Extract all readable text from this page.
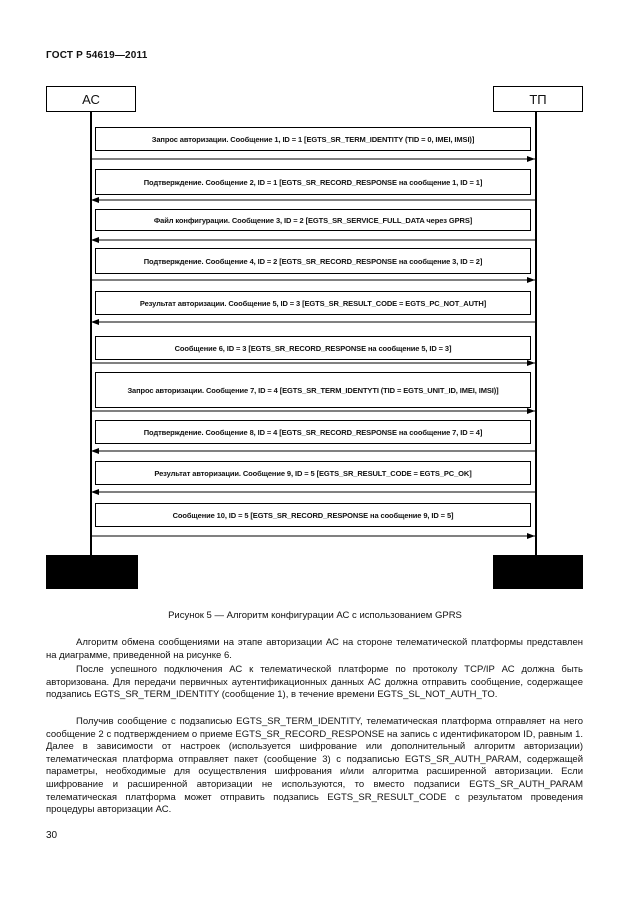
ГОСТ Р 54619—2011
АС	ТП
Запрос авторизации. Сообщение 1, ID = 1 [EGTS_SR_TERM_IDENTITY (TID = 0, IMEI, IMSI)]
Подтверждение. Сообщение 2, ID = 1 [EGTS_SR_RECORD_RESPONSE на сообщение 1, ID = 1]
Файл конфигурации. Сообщение 3, ID = 2 [EGTS_SR_SERVICE_FULL_DATA через GPRS]
Подтверждение. Сообщение 4, ID = 2 [EGTS_SR_RECORD_RESPONSE на сообщение 3, ID = 2]
Результат авторизации. Сообщение 5, ID = 3 [EGTS_SR_RESULT_CODE = EGTS_PC_NOT_AUTH]
Сообщение 6, ID = 3 [EGTS_SR_RECORD_RESPONSE на сообщение 5, ID = 3]
Запрос авторизации. Сообщение 7, ID = 4 [EGTS_SR_TERM_IDENTYTI (TID = EGTS_UNIT_ID, IMEI, IMSI)]
Подтверждение. Сообщение 8, ID = 4 [EGTS_SR_RECORD_RESPONSE на сообщение 7, ID = 4]
Результат авторизации. Сообщение 9, ID = 5 [EGTS_SR_RESULT_CODE = EGTS_PC_OK]
Сообщение 10, ID = 5 [EGTS_SR_RECORD_RESPONSE на сообщение 9, ID = 5]
Рисунок 5 — Алгоритм конфигурации АС с использованием GPRS

Алгоритм обмена сообщениями на этапе авторизации АС на стороне телематической платформы представлен на диаграмме, приведенной на рисунке 6.

После успешного подключения АС к телематической платформе по протоколу TCP/IP АС должна быть авторизована. Для передачи первичных аутентификационных данных АС должна отправить сообщение, содержащее подзапись EGTS_SR_TERM_IDENTITY (сообщение 1), в течение времени EGTS_SL_NOT_AUTH_TO.

Получив сообщение с подзаписью EGTS_SR_TERM_IDENTITY, телематическая платформа отправляет на него сообщение 2 с подтверждением о приеме EGTS_SR_RECORD_RESPONSE на запись с идентификатором ID, равным 1. Далее в зависимости от настроек (используется шифрование или дополнительный алгоритм авторизации) телематическая платформа отправляет пакет (сообщение 3) с подзаписью EGTS_SR_AUTH_PARAM, содержащей параметры, необходимые для осуществления шифрования и/или алгоритма расширенной авторизации. Если шифрование и расширенной авторизации не используются, то вместо подзаписи EGTS_SR_AUTH_PARAM телематическая платформа может отправить подзапись EGTS_SR_RESULT_CODE с результатом проведения процедуры авторизации АС.

30
